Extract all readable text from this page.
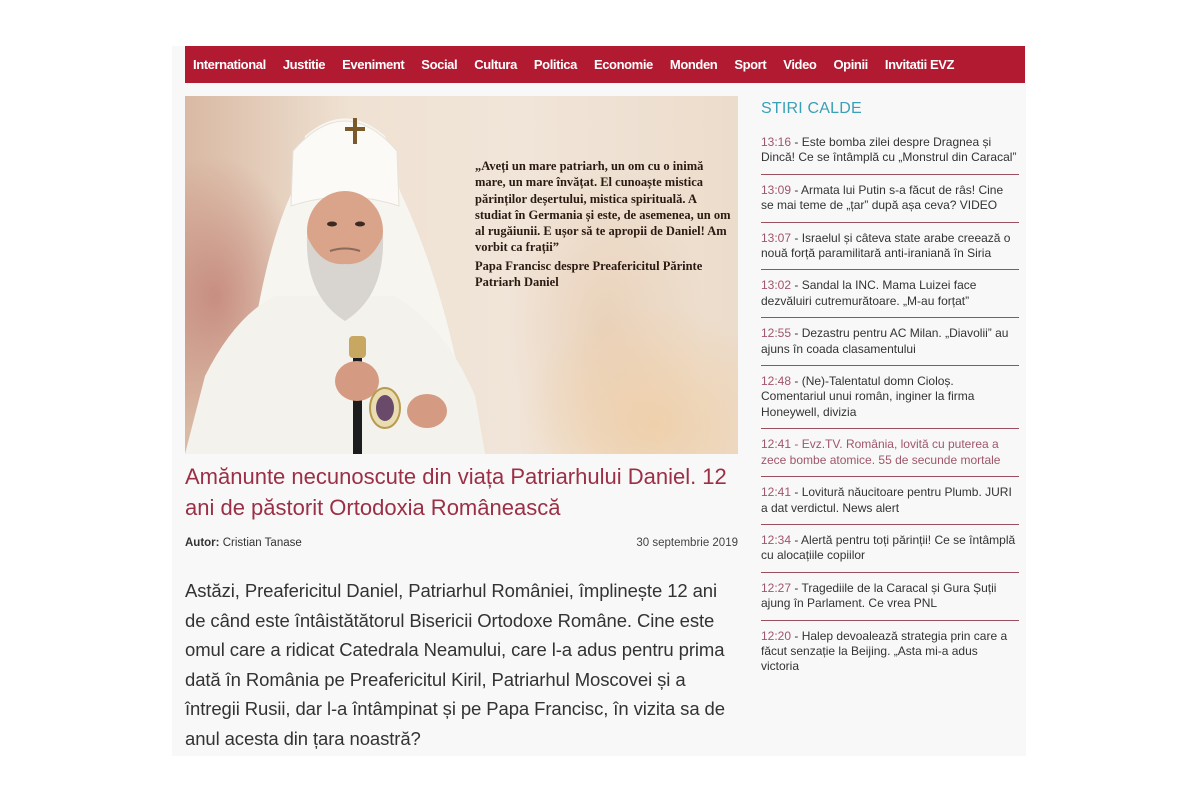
International Justitie Eveniment Social Cultura Politica Economie Monden Sport Video Opinii Invitatii EVZ
„Aveți un mare patriarh, un om cu o inimă mare, un mare învățat. El cunoaște mistica părinților deșertului, mistica spirituală. A studiat în Germania și este, de asemenea, un om al rugăiunii. E ușor să te apropii de Daniel! Am vorbit ca frații”
Papa Francisc despre Preafericitul Părinte Patriarh Daniel
Amănunte necunoscute din viața Patriarhului Daniel. 12 ani de păstorit Ortodoxia Românească
Autor: Cristian Tanase	30 septembrie 2019

Astăzi, Preafericitul Daniel, Patriarhul României, împlinește 12 ani de când este întâistătătorul Bisericii Ortodoxe Române. Cine este omul care a ridicat Catedrala Neamului, care l-a adus pentru prima dată în România pe Preafericitul Kiril, Patriarhul Moscovei și a întregii Rusii, dar l-a întâmpinat și pe Papa Francisc, în vizita sa de anul acesta din țara noastră?

STIRI CALDE
13:16 - Este bomba zilei despre Dragnea și Dincă! Ce se întâmplă cu „Monstrul din Caracal”
13:09 - Armata lui Putin s-a făcut de râs! Cine se mai teme de „țar” după așa ceva? VIDEO
13:07 - Israelul și câteva state arabe creează o nouă forță paramilitară anti-iraniană în Siria
13:02 - Sandal la INC. Mama Luizei face dezvăluiri cutremurătoare. „M-au forțat”
12:55 - Dezastru pentru AC Milan. „Diavolii” au ajuns în coada clasamentului
12:48 - (Ne)-Talentatul domn Cioloș. Comentariul unui român, inginer la firma Honeywell, divizia
12:41 - Evz.TV. România, lovită cu puterea a zece bombe atomice. 55 de secunde mortale
12:41 - Lovitură năucitoare pentru Plumb. JURI a dat verdictul. News alert
12:34 - Alertă pentru toți părinții! Ce se întâmplă cu alocațiile copiilor
12:27 - Tragediile de la Caracal și Gura Șuții ajung în Parlament. Ce vrea PNL
12:20 - Halep devoalează strategia prin care a făcut senzație la Beijing. „Asta mi-a adus victoria
